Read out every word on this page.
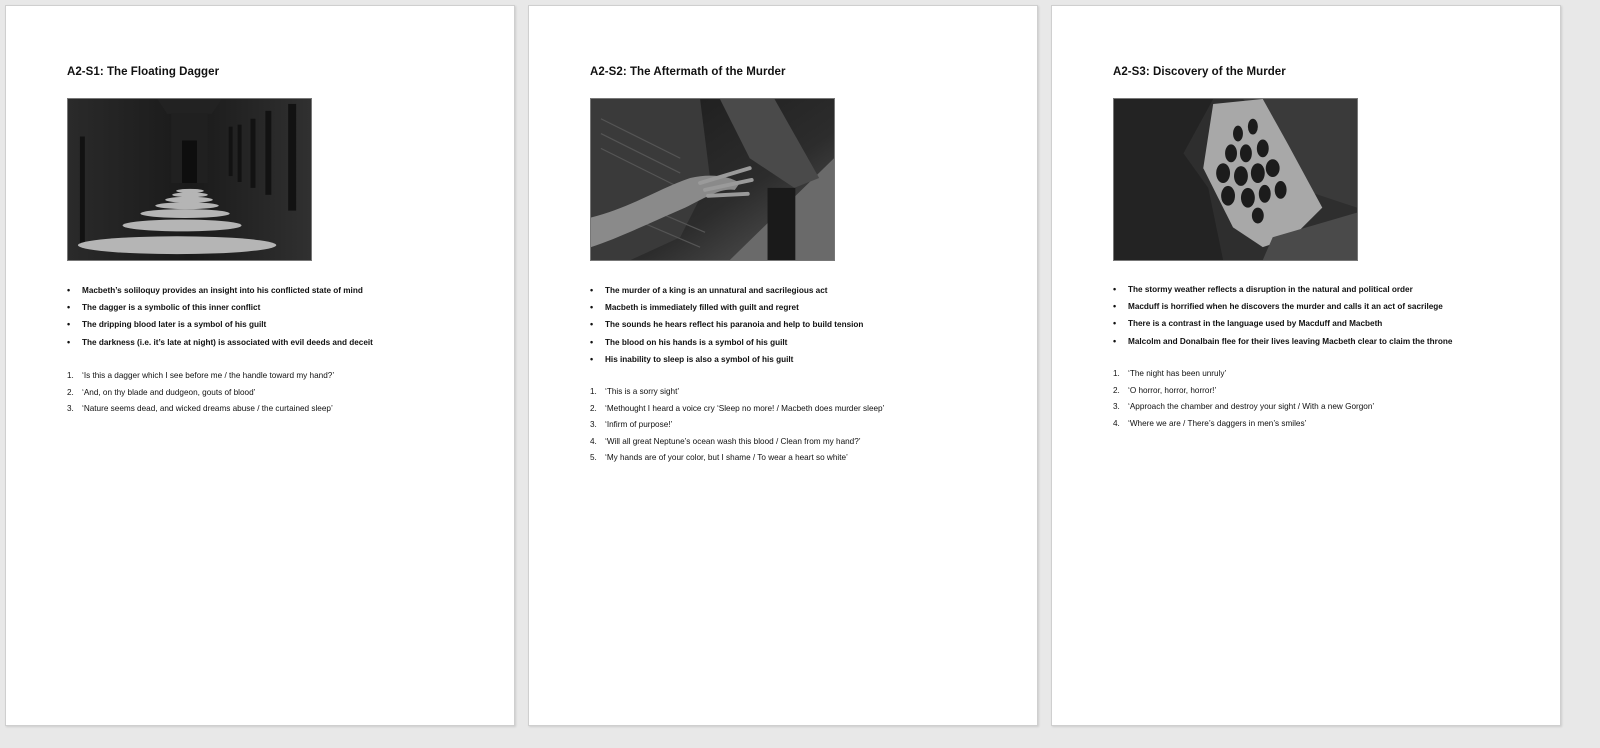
A2-S1: The Floating Dagger
• Macbeth’s soliloquy provides an insight into his conflicted state of mind
• The dagger is a symbolic of this inner conflict
• The dripping blood later is a symbol of his guilt
• The darkness (i.e. it’s late at night) is associated with evil deeds and deceit
1. ‘Is this a dagger which I see before me / the handle toward my hand?’
2. ‘And, on thy blade and dudgeon, gouts of blood’
3. ‘Nature seems dead, and wicked dreams abuse / the curtained sleep’
A2-S2: The Aftermath of the Murder
• The murder of a king is an unnatural and sacrilegious act
• Macbeth is immediately filled with guilt and regret
• The sounds he hears reflect his paranoia and help to build tension
• The blood on his hands is a symbol of his guilt
• His inability to sleep is also a symbol of his guilt
1. ‘This is a sorry sight’
2. ‘Methought I heard a voice cry ‘Sleep no more! / Macbeth does murder sleep’
3. ‘Infirm of purpose!’
4. ‘Will all great Neptune’s ocean wash this blood / Clean from my hand?’
5. ‘My hands are of your color, but I shame / To wear a heart so white’
A2-S3: Discovery of the Murder
• The stormy weather reflects a disruption in the natural and political order
• Macduff is horrified when he discovers the murder and calls it an act of sacrilege
• There is a contrast in the language used by Macduff and Macbeth
• Malcolm and Donalbain flee for their lives leaving Macbeth clear to claim the throne
1. ‘The night has been unruly’
2. ‘O horror, horror, horror!’
3. ‘Approach the chamber and destroy your sight / With a new Gorgon’
4. ‘Where we are / There’s daggers in men’s smiles’
